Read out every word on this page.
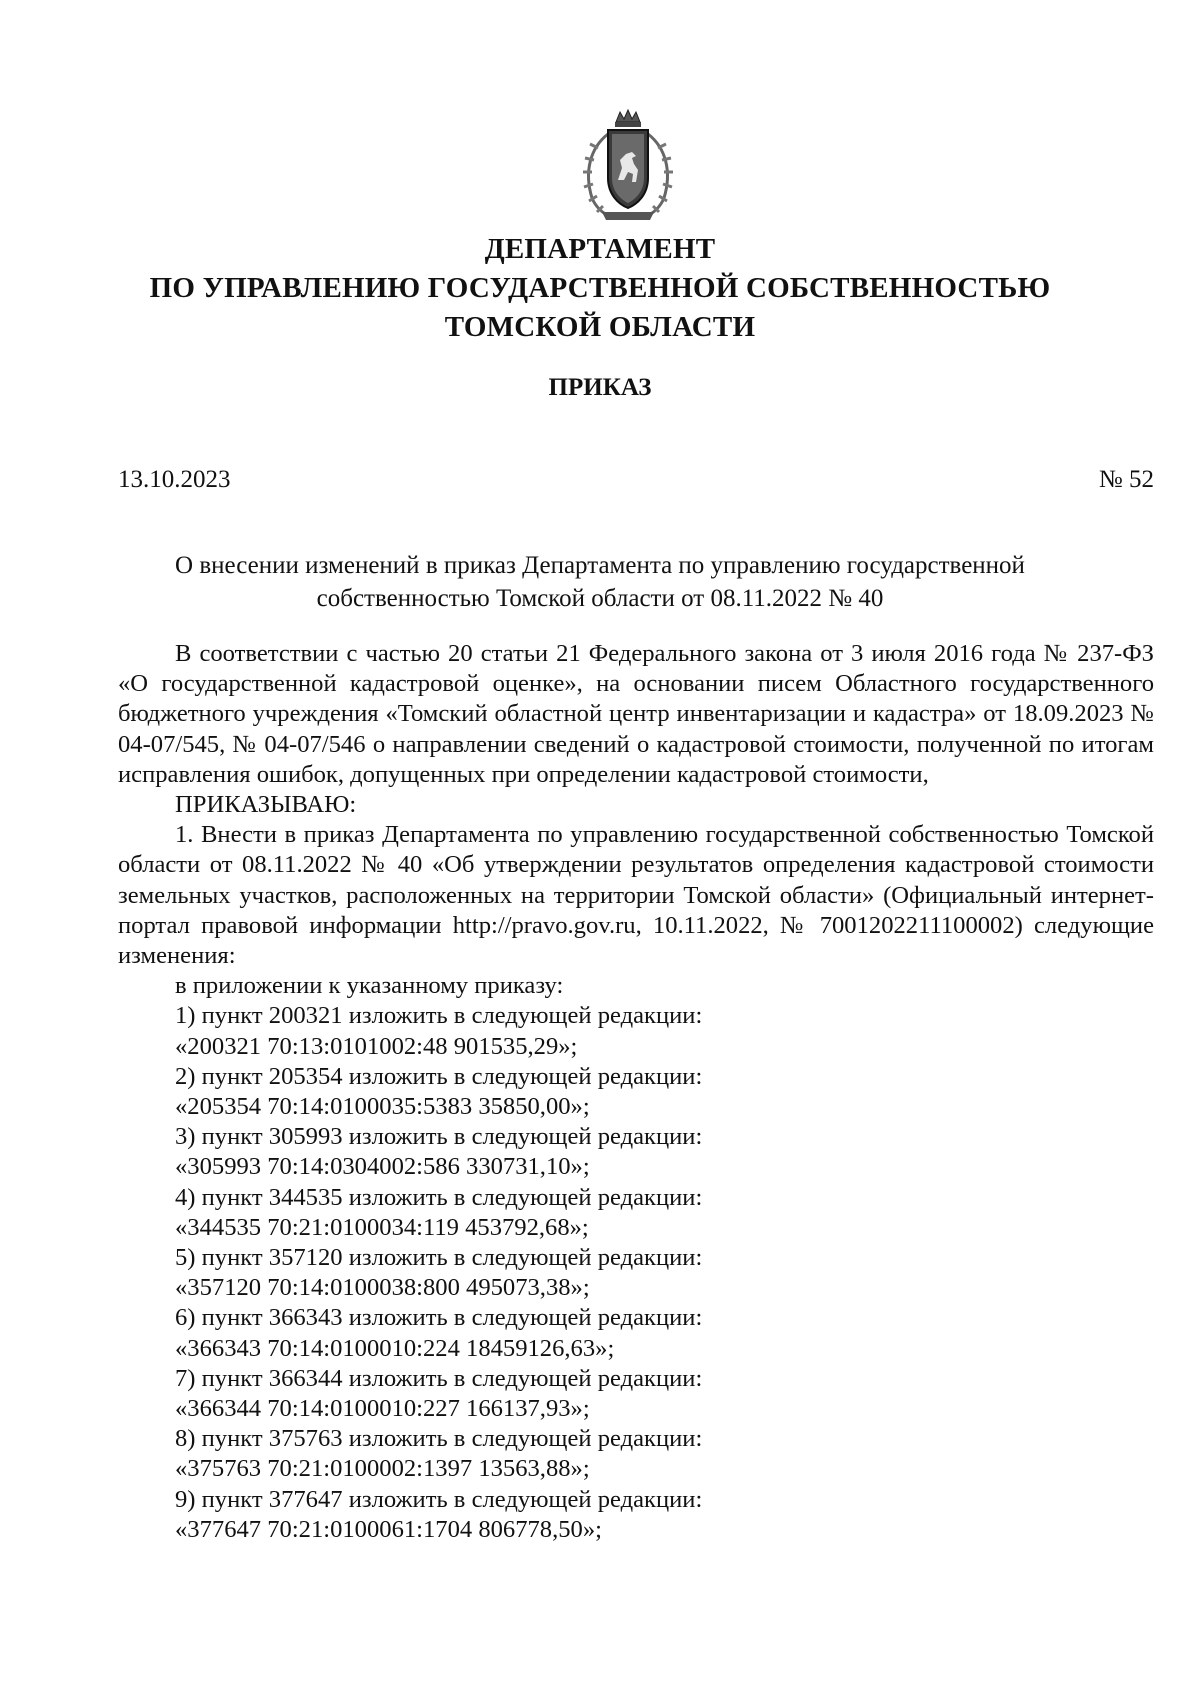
ДЕПАРТАМЕНТ
ПО УПРАВЛЕНИЮ ГОСУДАРСТВЕННОЙ СОБСТВЕННОСТЬЮ
ТОМСКОЙ ОБЛАСТИ
ПРИКАЗ
13.10.2023	№ 52
О внесении изменений в приказ Департамента по управлению государственной
собственностью Томской области от 08.11.2022 № 40

В соответствии с частью 20 статьи 21 Федерального закона от 3 июля 2016 года № 237-ФЗ «О государственной кадастровой оценке», на основании писем Областного государственного бюджетного учреждения «Томский областной центр инвентаризации и кадастра» от 18.09.2023 № 04-07/545, № 04-07/546 о направлении сведений о кадастровой стоимости, полученной по итогам исправления ошибок, допущенных при определении кадастровой стоимости,

ПРИКАЗЫВАЮ:

1. Внести в приказ Департамента по управлению государственной собственностью Томской области от 08.11.2022 № 40 «Об утверждении результатов определения кадастровой стоимости земельных участков, расположенных на территории Томской области» (Официальный интернет-портал правовой информации http://pravo.gov.ru, 10.11.2022, № 7001202211100002) следующие изменения:

в приложении к указанному приказу:

1) пункт 200321 изложить в следующей редакции:

«200321 70:13:0101002:48 901535,29»;

2) пункт 205354 изложить в следующей редакции:

«205354 70:14:0100035:5383 35850,00»;

3) пункт 305993 изложить в следующей редакции:

«305993 70:14:0304002:586 330731,10»;

4) пункт 344535 изложить в следующей редакции:

«344535 70:21:0100034:119 453792,68»;

5) пункт 357120 изложить в следующей редакции:

«357120 70:14:0100038:800 495073,38»;

6) пункт 366343 изложить в следующей редакции:

«366343 70:14:0100010:224 18459126,63»;

7) пункт 366344 изложить в следующей редакции:

«366344 70:14:0100010:227 166137,93»;

8) пункт 375763 изложить в следующей редакции:

«375763 70:21:0100002:1397 13563,88»;

9) пункт 377647 изложить в следующей редакции:

«377647 70:21:0100061:1704 806778,50»;
